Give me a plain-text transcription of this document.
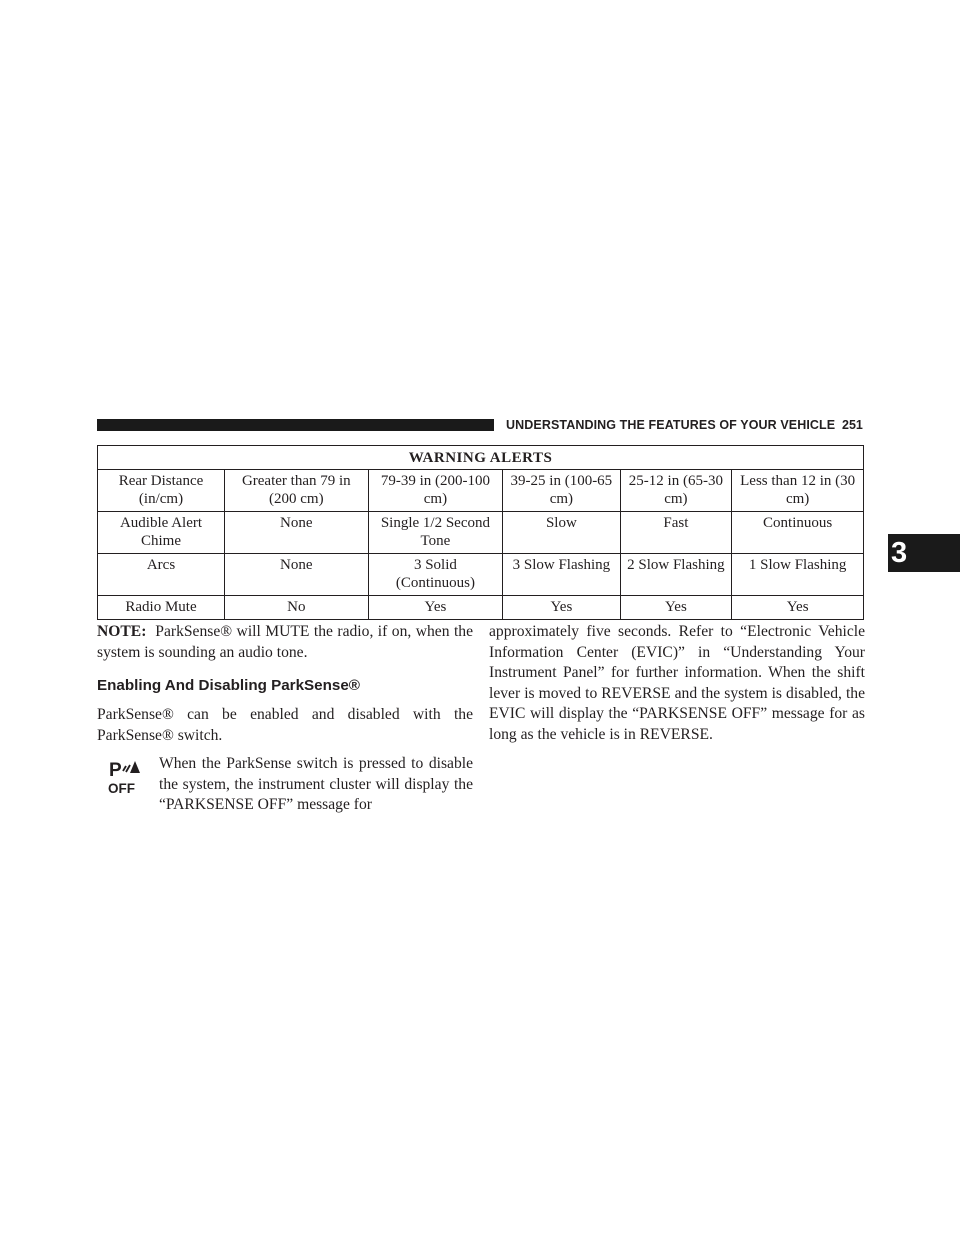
UNDERSTANDING THE FEATURES OF YOUR VEHICLE 251
3
WARNING ALERTS					
Rear Distance (in/cm)	Greater than 79 in (200 cm)	79-39 in (200-100 cm)	39-25 in (100-65 cm)	25-12 in (65-30 cm)	Less than 12 in (30 cm)
Audible Alert Chime	None	Single 1/2 Second Tone	Slow	Fast	Continuous
Arcs	None	3 Solid (Continuous)	3 Slow Flashing	2 Slow Flashing	1 Slow Flashing
Radio Mute	No	Yes	Yes	Yes	Yes

NOTE: ParkSense® will MUTE the radio, if on, when the system is sounding an audio tone.

Enabling And Disabling ParkSense®

ParkSense® can be enabled and disabled with the ParkSense® switch.

P
OFF

When the ParkSense switch is pressed to disable the system, the instrument cluster will display the “PARKSENSE OFF” message for

approximately five seconds. Refer to “Electronic Vehicle Information Center (EVIC)” in “Understanding Your Instrument Panel” for further information. When the shift lever is moved to REVERSE and the system is disabled, the EVIC will display the “PARKSENSE OFF” message for as long as the vehicle is in REVERSE.
